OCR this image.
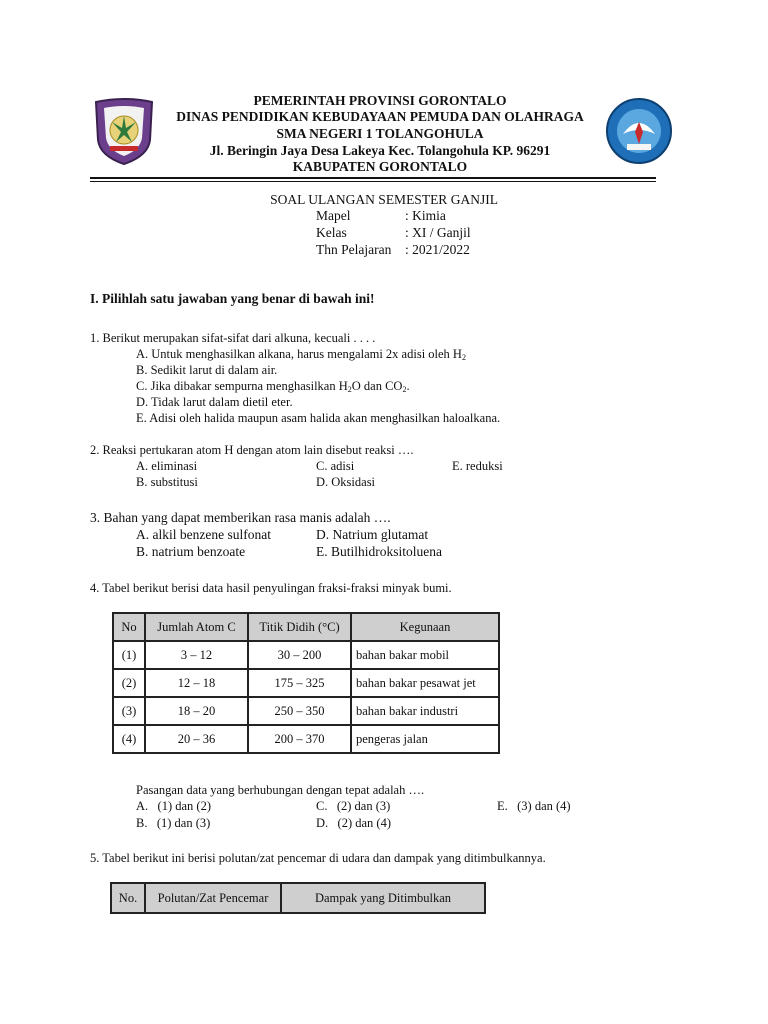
PEMERINTAH PROVINSI GORONTALO
DINAS PENDIDIKAN KEBUDAYAAN PEMUDA DAN OLAHRAGA
SMA NEGERI 1 TOLANGOHULA
Jl. Beringin Jaya Desa Lakeya Kec. Tolangohula KP. 96291
KABUPATEN GORONTALO
SOAL ULANGAN SEMESTER GANJIL
Mapel	: Kimia
Kelas	: XI / Ganjil
Thn Pelajaran : 2021/2022
I. Pilihlah satu jawaban yang benar di bawah ini!
1. Berikut merupakan sifat-sifat dari alkuna, kecuali . . . .
A. Untuk menghasilkan alkana, harus mengalami 2x adisi oleh $H_2$
B. Sedikit larut di dalam air.
C. Jika dibakar sempurna menghasilkan $H_2O$ dan $CO_2$.
D. Tidak larut dalam dietil eter.
E. Adisi oleh halida maupun asam halida akan menghasilkan haloalkana.
2. Reaksi pertukaran atom H dengan atom lain disebut reaksi ….
A. eliminasi	C. adisi	E. reduksi
B. substitusi	D. Oksidasi
3. Bahan yang dapat memberikan rasa manis adalah ….
A. alkil benzene sulfonat	D. Natrium glutamat
B. natrium benzoate	E. Butilhidroksitoluena
4. Tabel berikut berisi data hasil penyulingan fraksi-fraksi minyak bumi.
No	Jumlah Atom C	Titik Didih (°C)	Kegunaan
(1)	3 – 12	30 – 200	bahan bakar mobil
(2)	12 – 18	175 – 325	bahan bakar pesawat jet
(3)	18 – 20	250 – 350	bahan bakar industri
(4)	20 – 36	200 – 370	pengeras jalan
Pasangan data yang berhubungan dengan tepat adalah ….
A.   (1) dan (2)	C.   (2) dan (3)	E.   (3) dan (4)
B.   (1) dan (3)	D.   (2) dan (4)
5. Tabel berikut ini berisi polutan/zat pencemar di udara dan dampak yang ditimbulkannya.
No.	Polutan/Zat Pencemar	Dampak yang Ditimbulkan
